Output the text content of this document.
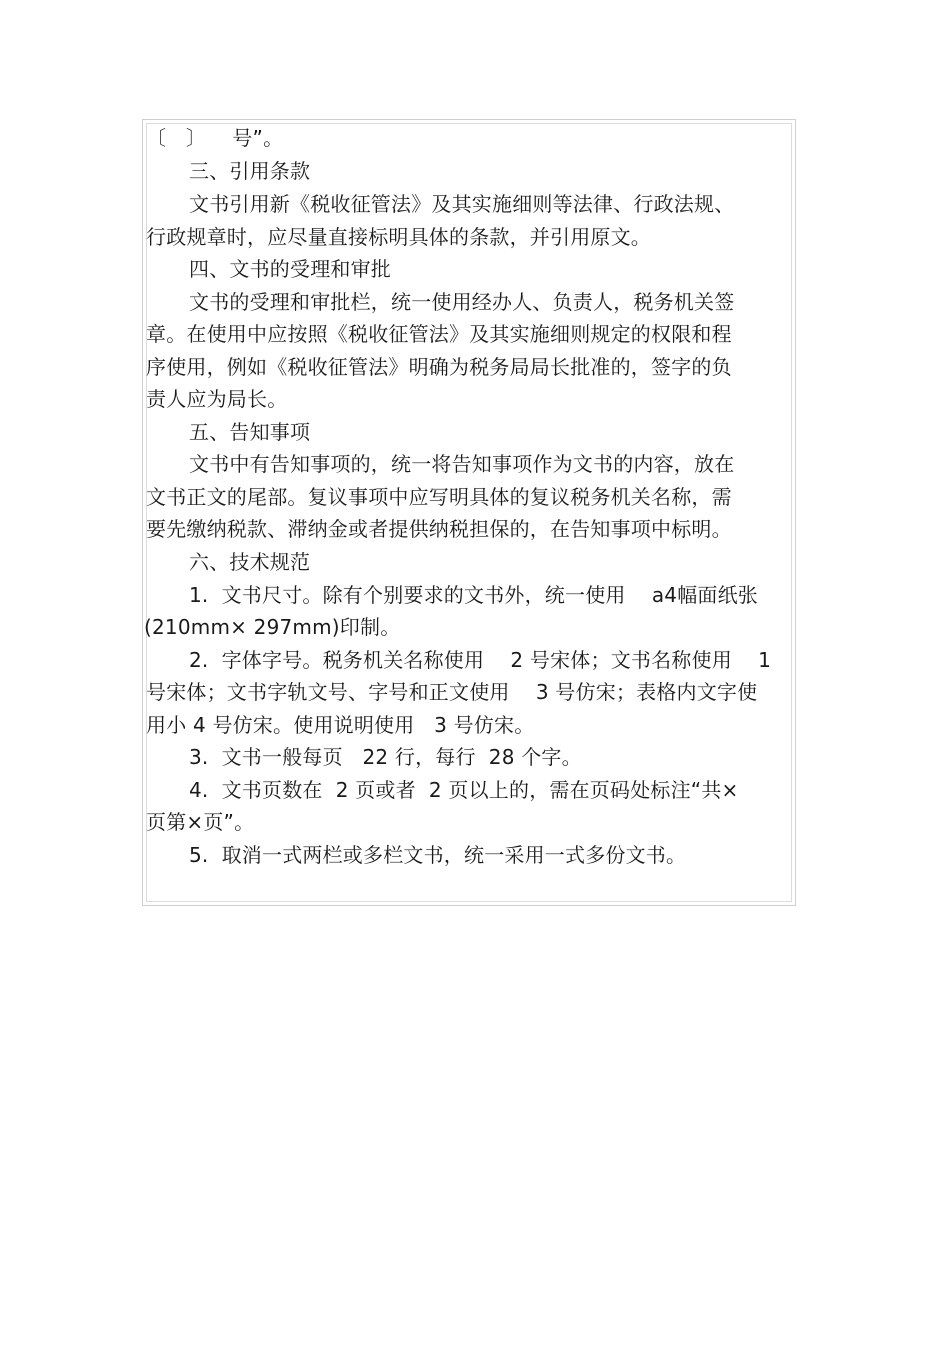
〔   〕    号”。
三、引用条款
文书引用新《税收征管法》及其实施细则等法律、行政法规、
行政规章时，应尽量直接标明具体的条款，并引用原文。
四、文书的受理和审批
文书的受理和审批栏，统一使用经办人、负责人，税务机关签
章。在使用中应按照《税收征管法》及其实施细则规定的权限和程
序使用，例如《税收征管法》明确为税务局局长批准的，签字的负
责人应为局长。
五、告知事项
文书中有告知事项的，统一将告知事项作为文书的内容，放在
文书正文的尾部。复议事项中应写明具体的复议税务机关名称，需
要先缴纳税款、滞纳金或者提供纳税担保的，在告知事项中标明。
六、技术规范
1.  文书尺寸。除有个别要求的文书外，统一使用    a4幅面纸张
(210mm× 297mm)印制。
2.  字体字号。税务机关名称使用    2 号宋体；文书名称使用    1
号宋体；文书字轨文号、字号和正文使用    3 号仿宋；表格内文字使
用小 4 号仿宋。使用说明使用   3 号仿宋。
3.  文书一般每页   22 行，每行  28 个字。
4.  文书页数在  2 页或者  2 页以上的，需在页码处标注“共×
页第×页”。
5.  取消一式两栏或多栏文书，统一采用一式多份文书。
